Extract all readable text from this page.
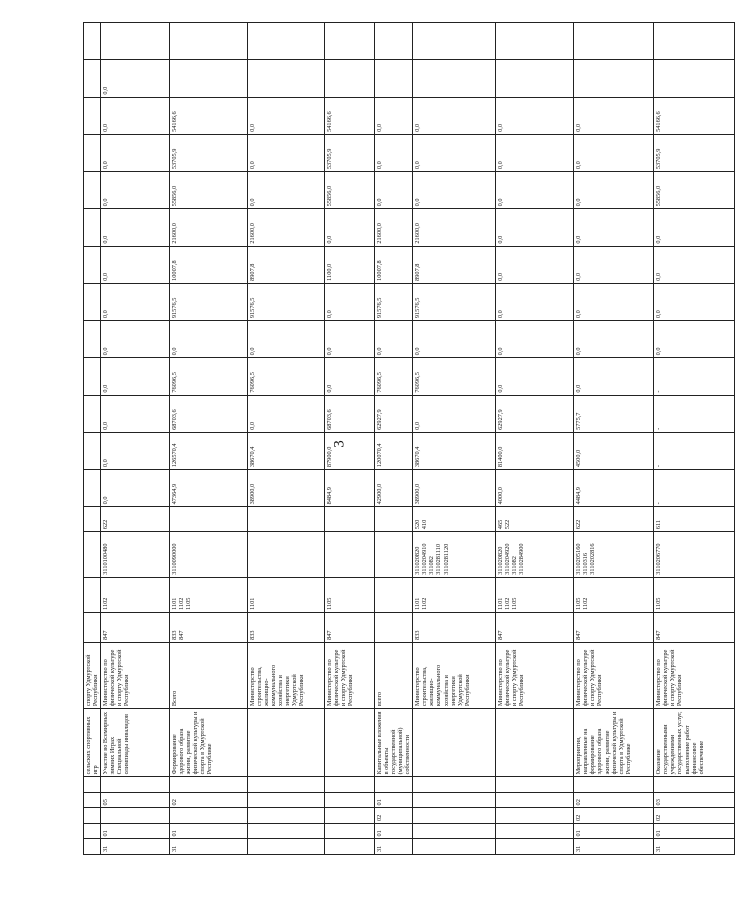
3
					сельских спортивных игр	спорту Удмуртской Республики																	
31	01		05		Участие во Всемирных зимних Играх Специальной олимпиады инвалидов	Министерство по физической культуре и спорту Удмуртской Республики	847	1102	3110100480	622	0,0	0,0	0,0	0,0	0,0	0,0	0,0	0,0	0,0	0,0	0,0	0,0	
31	01		02		Формирование здорового образа жизни, развитие физической культуры и спорта в Удмуртской Республике	Всего	833 847	1101 1102 1105	3110090000		47364,9	126570,4	68703,6	76096,5	0,0	91576,5	10007,8	21600,0	55856,0	53705,9	54166,6		
						Министерство строительства, жилищно-коммунального хозяйства и энергетики Удмуртской Республики	833	1101			38900,0	38670,4	0,0	76096,5	0,0	91576,5	8907,8	21600,0	0,0	0,0	0,0		
						Министерство по физической культуре и спорту Удмуртской Республики	847	1105			8484,9	87900,0	68703,6	0,0	0,0	0,0	1100,0	0,0	55856,0	53705,9	54166,6		
31	01	02	01		Капитальные вложения в объекты государственной (муниципальной) собственности	всего					42900,0	120070,4	62927,9	76096,5	0,0	91576,5	10007,8	21600,0	0,0	0,0	0,0		
						Министерство строительства, жилищно-коммунального хозяйства и энергетики Удмуртской Республики	833	1101 1102	311020820 3110204910 311082 3110281110 3110281120	520 410	38900,0	38670,4	0,0	76096,5	0,0	91576,5	8907,8	21600,0	0,0	0,0	0,0		
						Министерство по физической культуре и спорту Удмуртской Республики	847	1101 1102 1105	311020820 3110204920 311082 3110284900	465 522	4000,0	81400,0	62927,9	0,0	0,0	0,0	0,0	0,0	0,0	0,0	0,0		
31	01	02	02		Мероприятия, направленные на формирование здорового образа жизни, развитие физической культуры и спорта в Удмуртской Республике	Министерство по физической культуре и спорту Удмуртской Республики	847	1105 1102	3110205160 3110316 3110202816	622	4484,9	4500,0	5775,7	0,0	0,0	0,0	0,0	0,0	0,0	0,0	0,0		
31	01	02	03		Оказание государственными учреждениями государственных услуг, выполнение работ финансовое обеспечение	Министерство по физической культуре и спорту Удмуртской Республики	847	1105	3110206770	611	-	-	-	-	0,0	0,0	0,0	0,0	55856,0	53705,9	54166,6		
